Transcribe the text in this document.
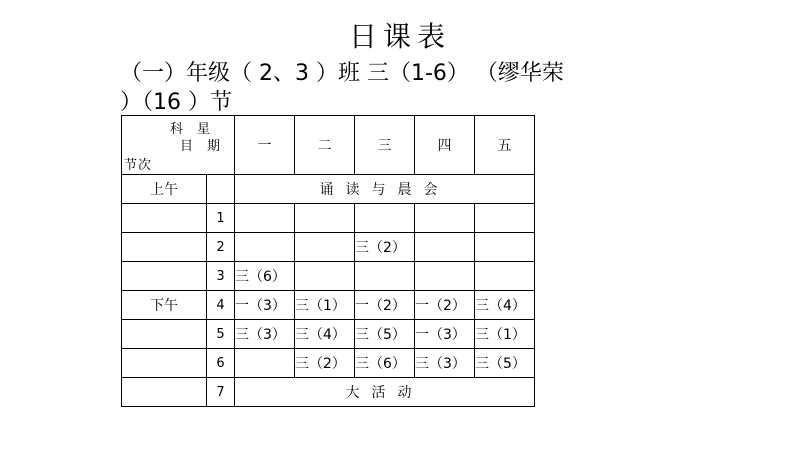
日课表
（一）年级（ 2、3 ）班 三（1-6） （缪华荣
）（16 ）节
科星
目期
节次		一	二	三	四	五
上午		诵读与晨会				
	1					
	2			三（2）		
	3	三（6）				
下午	4	一（3）	三（1）	一（2）	一（2）	三（4）
	5	三（3）	三（4）	三（5）	一（3）	三（1）
	6		三（2）	三（6）	三（3）	三（5）
	7	大活动				
